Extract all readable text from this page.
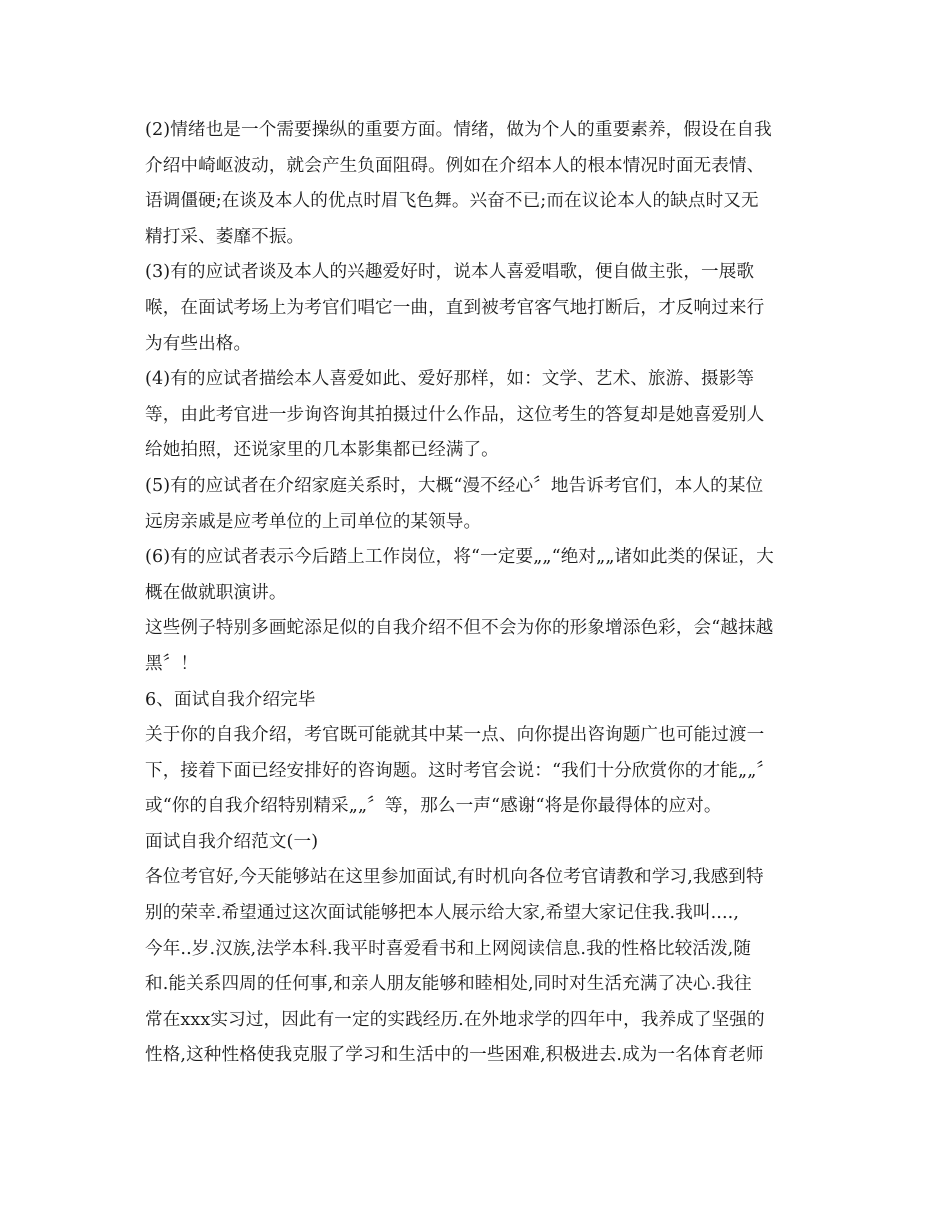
(2)情绪也是一个需要操纵的重要方面。情绪，做为个人的重要素养，假设在自我
介绍中崎岖波动，就会产生负面阻碍。例如在介绍本人的根本情况时面无表情、
语调僵硬;在谈及本人的优点时眉飞色舞。兴奋不已;而在议论本人的缺点时又无
精打采、萎靡不振。
(3)有的应试者谈及本人的兴趣爱好时，说本人喜爱唱歌，便自做主张，一展歌
喉，在面试考场上为考官们唱它一曲，直到被考官客气地打断后，才反响过来行
为有些出格。
(4)有的应试者描绘本人喜爱如此、爱好那样，如：文学、艺术、旅游、摄影等
等，由此考官进一步询咨询其拍摄过什么作品，这位考生的答复却是她喜爱别人
给她拍照，还说家里的几本影集都已经满了。
(5)有的应试者在介绍家庭关系时，大概“漫不经心〞地告诉考官们，本人的某位
远房亲戚是应考单位的上司单位的某领导。
(6)有的应试者表示今后踏上工作岗位，将“一定要„„“绝对„„诸如此类的保证，大
概在做就职演讲。
这些例子特别多画蛇添足似的自我介绍不但不会为你的形象增添色彩，会“越抹越
黑〞！
6、面试自我介绍完毕
关于你的自我介绍，考官既可能就其中某一点、向你提出咨询题广也可能过渡一
下，接着下面已经安排好的咨询题。这时考官会说：“我们十分欣赏你的才能„„〞
或“你的自我介绍特别精采„„〞等，那么一声“感谢“将是你最得体的应对。
面试自我介绍范文(一)
各位考官好,今天能够站在这里参加面试,有时机向各位考官请教和学习,我感到特
别的荣幸.希望通过这次面试能够把本人展示给大家,希望大家记住我.我叫....,
今年..岁.汉族,法学本科.我平时喜爱看书和上网阅读信息.我的性格比较活泼,随
和.能关系四周的任何事,和亲人朋友能够和睦相处,同时对生活充满了决心.我往
常在xxx实习过，因此有一定的实践经历.在外地求学的四年中，我养成了坚强的
性格,这种性格使我克服了学习和生活中的一些困难,积极进去.成为一名体育老师
